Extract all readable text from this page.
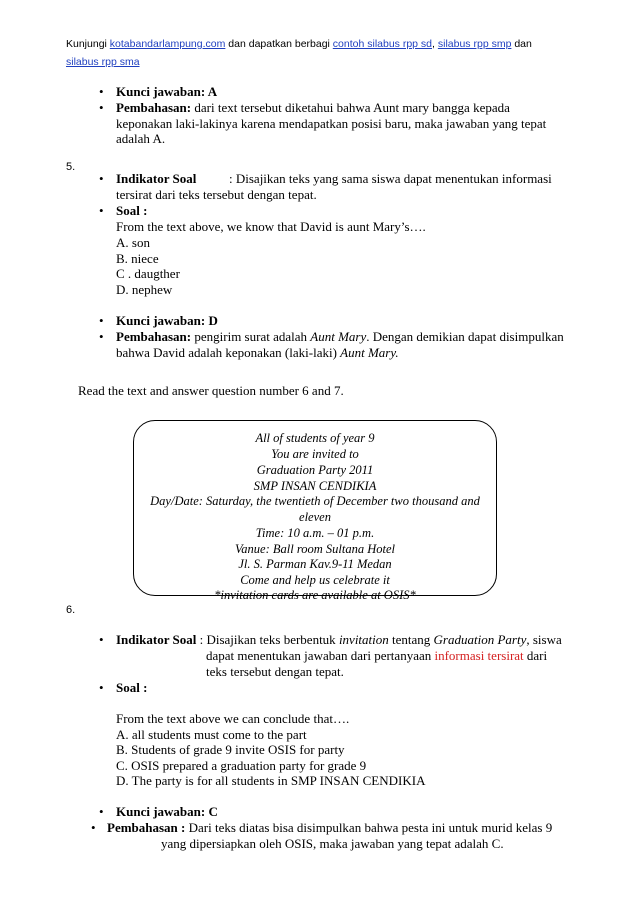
Kunjungi kotabandarlampung.com dan dapatkan berbagi contoh silabus rpp sd, silabus rpp smp dan
silabus rpp sma
• Kunci jawaban: A
• Pembahasan: dari text tersebut diketahui bahwa Aunt mary bangga kepada
keponakan laki-lakinya karena mendapatkan posisi baru, maka jawaban yang tepat
adalah A.
5.
• Indikator Soal	: Disajikan teks yang sama siswa dapat menentukan informasi
tersirat dari teks tersebut dengan tepat.
• Soal :
From the text above, we know that David is aunt Mary’s….
A. son
B. niece
C . daugther
D. nephew
• Kunci jawaban: D
• Pembahasan: pengirim surat adalah Aunt Mary. Dengan demikian dapat disimpulkan
bahwa David adalah keponakan (laki-laki) Aunt Mary.
Read the text and answer question number 6 and 7.
All of students of year 9
You are invited to
Graduation Party 2011
SMP INSAN CENDIKIA
Day/Date: Saturday, the twentieth of December two thousand and
eleven
Time: 10 a.m. – 01 p.m.
Vanue: Ball room Sultana Hotel
Jl. S. Parman Kav.9-11 Medan
Come and help us celebrate it
*invitation cards are available at OSIS*
6.
• Indikator Soal : Disajikan teks berbentuk invitation tentang Graduation Party, siswa
dapat menentukan jawaban dari pertanyaan informasi tersirat dari
teks tersebut dengan tepat.
• Soal :
From the text above we can conclude that….
A. all students must come to the part
B. Students of grade 9 invite OSIS for party
C. OSIS prepared a graduation party for grade 9
D. The party is for all students in SMP INSAN CENDIKIA
• Kunci jawaban: C
• Pembahasan : Dari teks diatas bisa disimpulkan bahwa pesta ini untuk murid kelas 9
yang dipersiapkan oleh OSIS, maka jawaban yang tepat adalah C.
